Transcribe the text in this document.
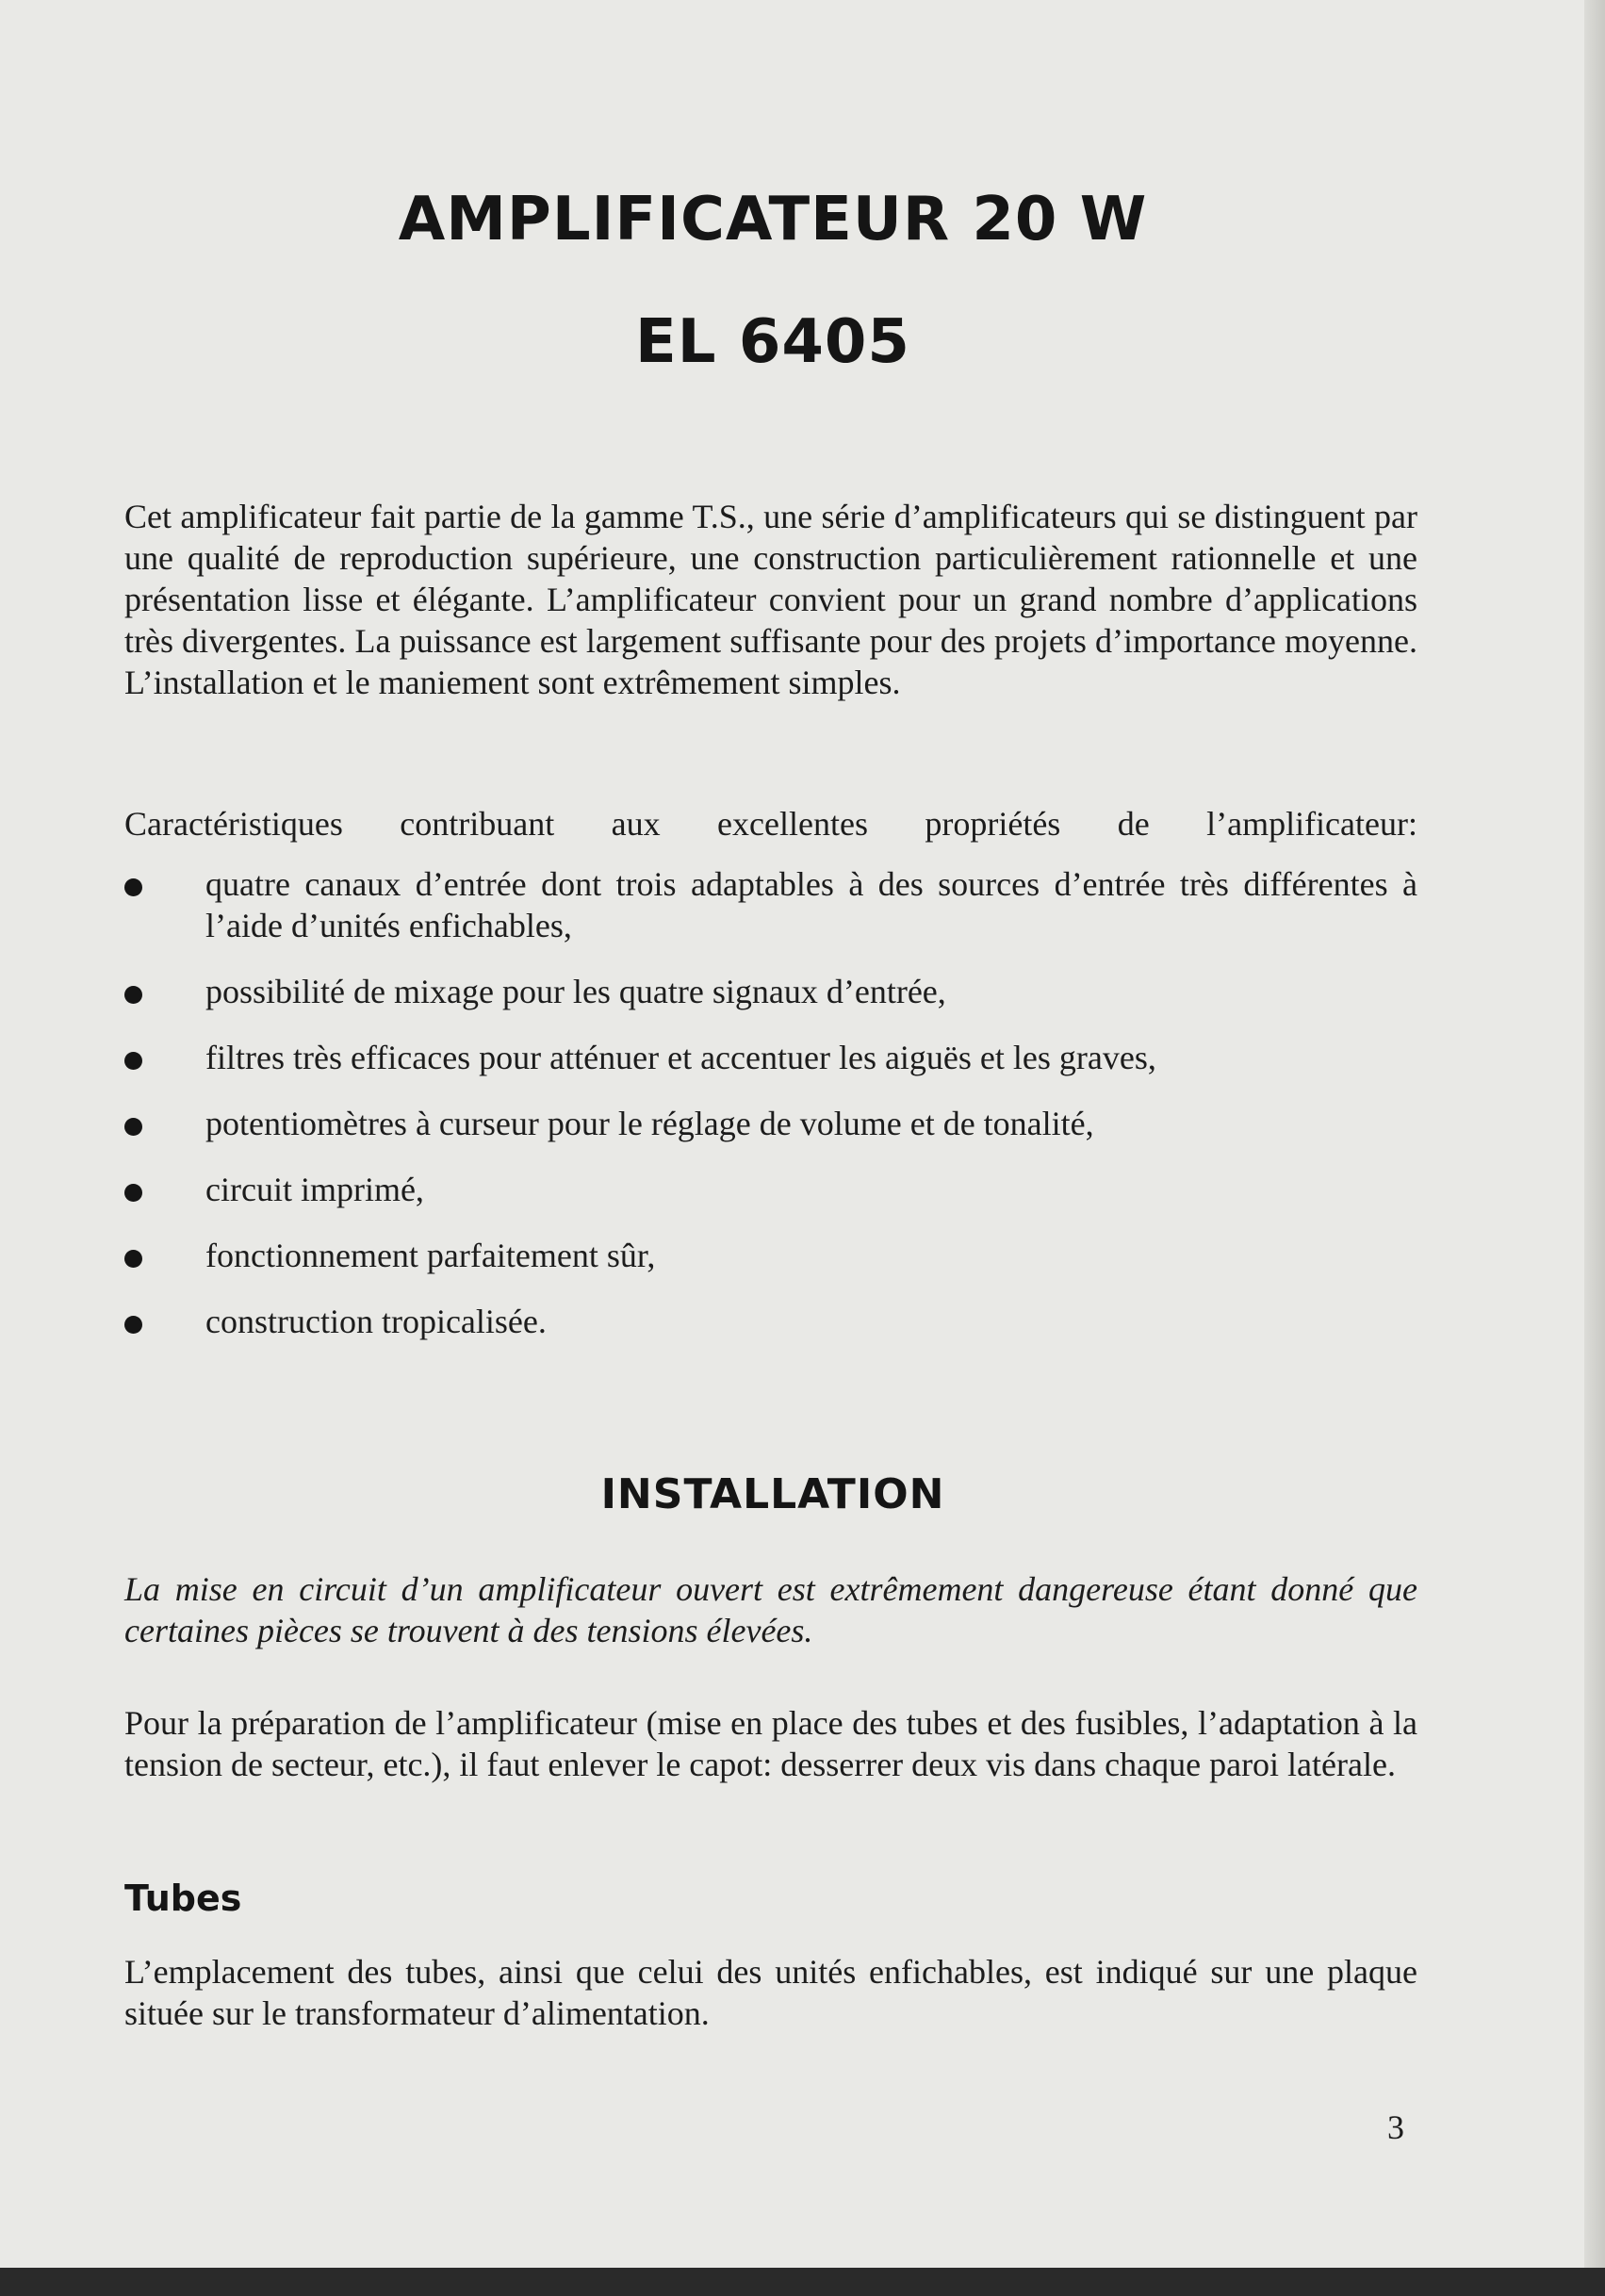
AMPLIFICATEUR 20 W
EL 6405

Cet amplificateur fait partie de la gamme T.S., une série d’amplificateurs qui se distinguent par une qualité de reproduction supérieure, une construction particulièrement rationnelle et une présentation lisse et élégante. L’amplificateur convient pour un grand nombre d’applications très divergentes. La puissance est largement suffisante pour des projets d’importance moyenne. L’installation et le maniement sont extrêmement simples.

Caractéristiques contribuant aux excellentes propriétés de l’amplificateur:

quatre canaux d’entrée dont trois adaptables à des sources d’entrée très différentes à l’aide d’unités enfichables,
possibilité de mixage pour les quatre signaux d’entrée,
filtres très efficaces pour atténuer et accentuer les aiguës et les graves,
potentiomètres à curseur pour le réglage de volume et de tonalité,
circuit imprimé,
fonctionnement parfaitement sûr,
construction tropicalisée.
INSTALLATION

La mise en circuit d’un amplificateur ouvert est extrêmement dangereuse étant donné que certaines pièces se trouvent à des tensions élevées.

Pour la préparation de l’amplificateur (mise en place des tubes et des fusibles, l’adaptation à la tension de secteur, etc.), il faut enlever le capot: desserrer deux vis dans chaque paroi latérale.

Tubes

L’emplacement des tubes, ainsi que celui des unités enfichables, est indiqué sur une plaque située sur le transformateur d’alimentation.

3
